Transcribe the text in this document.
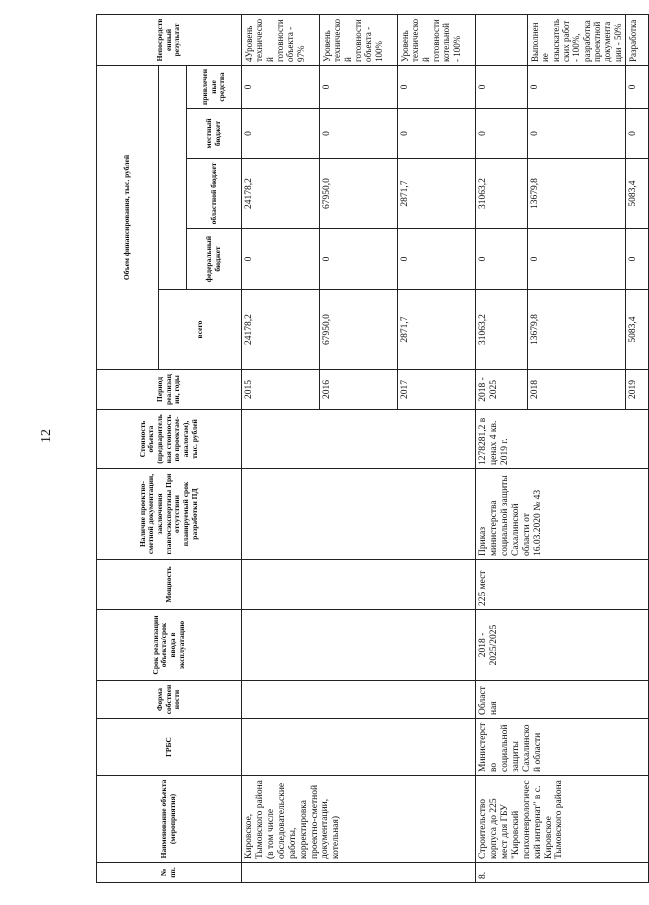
12
№ пп.	Наименование объекта (мероприятия)	ГРБС	Форма собственности	Срок реализации объекта/срок ввода в эксплуатацию	Мощность	Наличие проектно-сметной документации, заключения главгосэкспертизы При отсутствии планируемый срок разработки ПД	Стоимость объекта (предварительная стоимость по проектам-аналогам), тыс. рублей	Период реализации, годы	Объем финансирования, тыс. рублей					Непосредственный результат
									всего					
										федеральный бюджет	областной бюджет	местный бюджет	привлеченные средства	
	Кировское, Тымовского района (в том числе обследовательские работы, корректировка проектно-сметной документации, котельная)							2015	24178,2	0	24178,2	0	0	4Уровень технической готовности объекта - 97%
								2016	67950,0	0	67950,0	0	0	Уровень технической готовности объекта - 100%
								2017	2871,7	0	2871,7	0	0	Уровень технической готовности котельной - 100%
8.	Строительство корпуса до 225 мест для ГБУ "Кировский психоневрологический интернат" в с. Кировское Тымовского района	Министерство социальной защиты Сахалинской области	Областная	2018 - 2025/2025	225 мест	Приказ министерства социальной защиты Сахалинской области от 16.03.2020 № 43	1278281,2 в ценах 4 кв. 2019 г.	2018 - 2025	31063,2	0	31063,2	0	0	
								2018	13679,8	0	13679,8	0	0	Выполнение изыскательских работ - 100%, разработка проектной документации - 50%
								2019	5083,4	0	5083,4	0	0	Разработка
